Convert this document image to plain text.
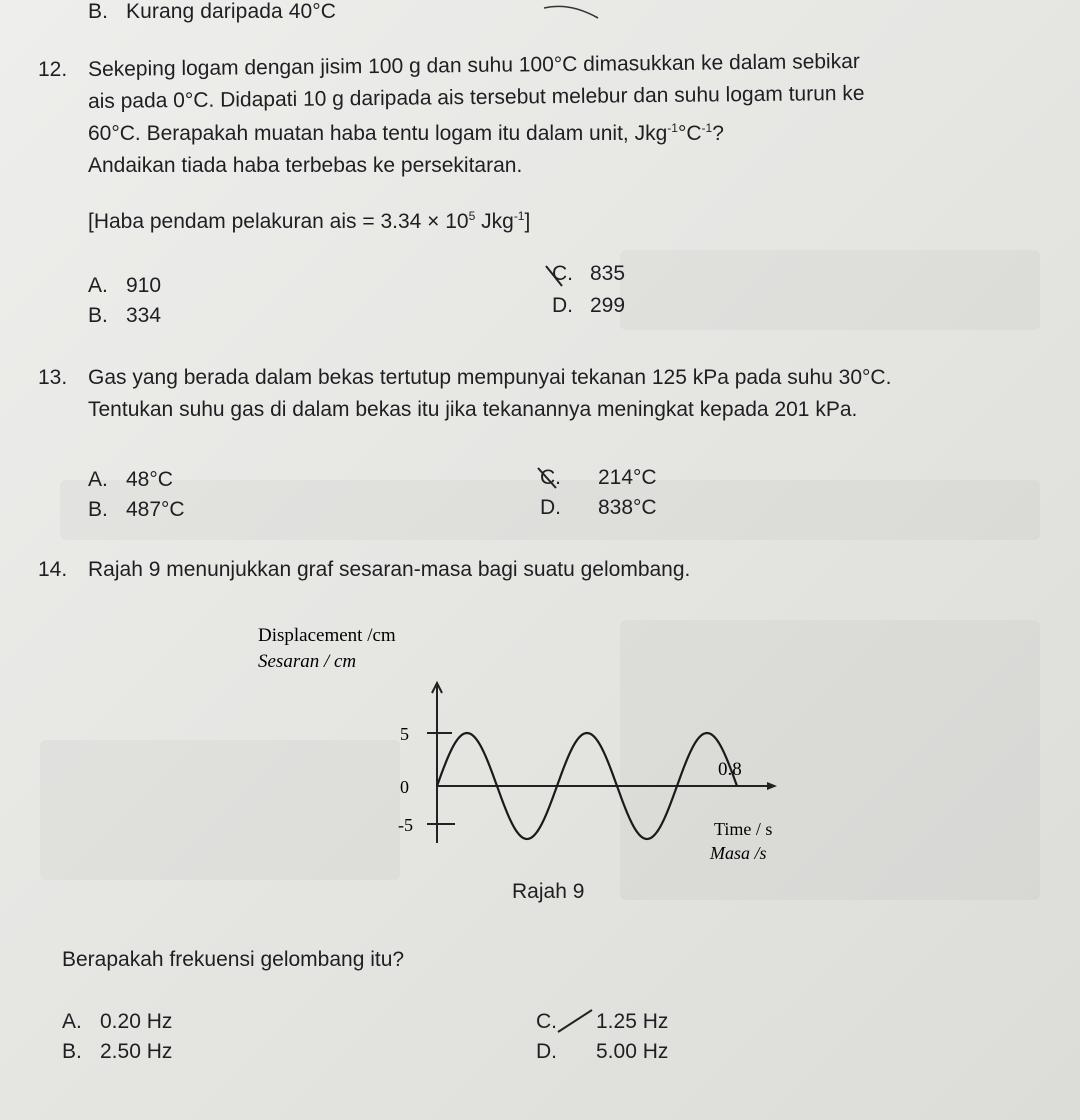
B. Kurang daripada 40°C
12. Sekeping logam dengan jisim 100 g dan suhu 100°C dimasukkan ke dalam sebikar
ais pada 0°C. Didapati 10 g daripada ais tersebut melebur dan suhu logam turun ke
60°C. Berapakah muatan haba tentu logam itu dalam unit, $Jkg^{-1}^\circ C^{-1}$?
Andaikan tiada haba terbebas ke persekitaran.
[Haba pendam pelakuran ais = $3.34 \times 10^5$ Jkg$^{-1}$]
A. 910
B. 334
C. 835
D. 299
13. Gas yang berada dalam bekas tertutup mempunyai tekanan 125 kPa pada suhu 30°C.
Tentukan suhu gas di dalam bekas itu jika tekanannya meningkat kepada 201 kPa.
A. 48°C
B. 487°C
C. 214°C
D. 838°C
14. Rajah 9 menunjukkan graf sesaran-masa bagi suatu gelombang.
Displacement /cm
Sesaran / cm
5
0
-5
0.8
Time / s
Masa /s
Rajah 9
Berapakah frekuensi gelombang itu?
A. 0.20 Hz
B. 2.50 Hz
C. 1.25 Hz
D. 5.00 Hz
